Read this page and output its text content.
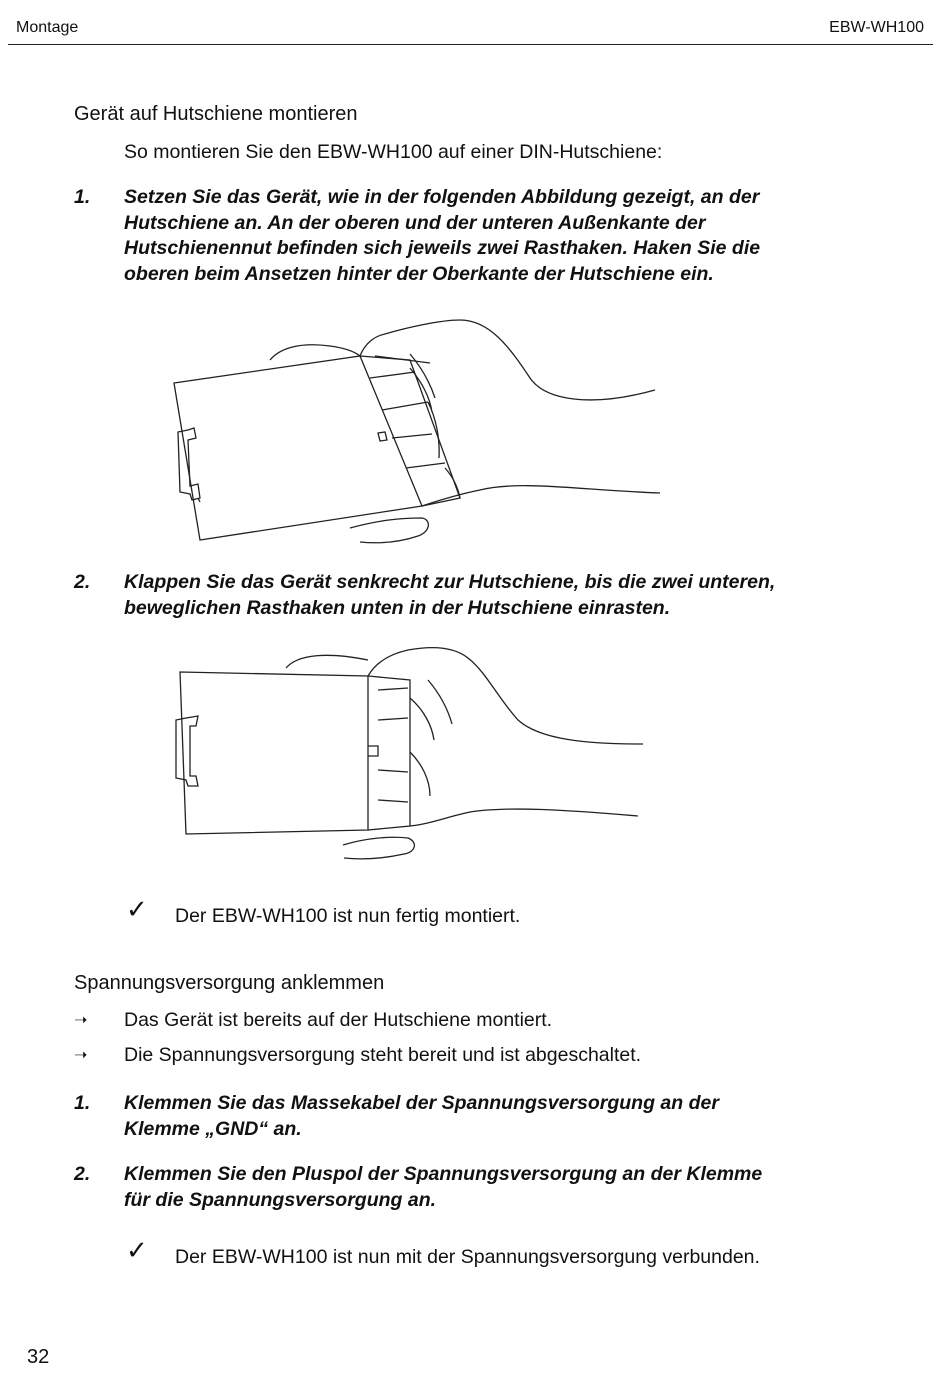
Montage	EBW-WH100
Gerät auf Hutschiene montieren
So montieren Sie den EBW-WH100 auf einer DIN-Hutschiene:
1. Setzen Sie das Gerät, wie in der folgenden Abbildung gezeigt, an der
Hutschiene an. An der oberen und der unteren Außenkante der
Hutschienennut befinden sich jeweils zwei Rasthaken. Haken Sie die
oberen beim Ansetzen hinter der Oberkante der Hutschiene ein.
2. Klappen Sie das Gerät senkrecht zur Hutschiene, bis die zwei unteren,
beweglichen Rasthaken unten in der Hutschiene einrasten.
✓ Der EBW-WH100 ist nun fertig montiert.
Spannungsversorgung anklemmen
➝ Das Gerät ist bereits auf der Hutschiene montiert.
➝ Die Spannungsversorgung steht bereit und ist abgeschaltet.
1. Klemmen Sie das Massekabel der Spannungsversorgung an der
Klemme „GND“ an.
2. Klemmen Sie den Pluspol der Spannungsversorgung an der Klemme
für die Spannungsversorgung an.
✓ Der EBW-WH100 ist nun mit der Spannungsversorgung verbunden.
32
